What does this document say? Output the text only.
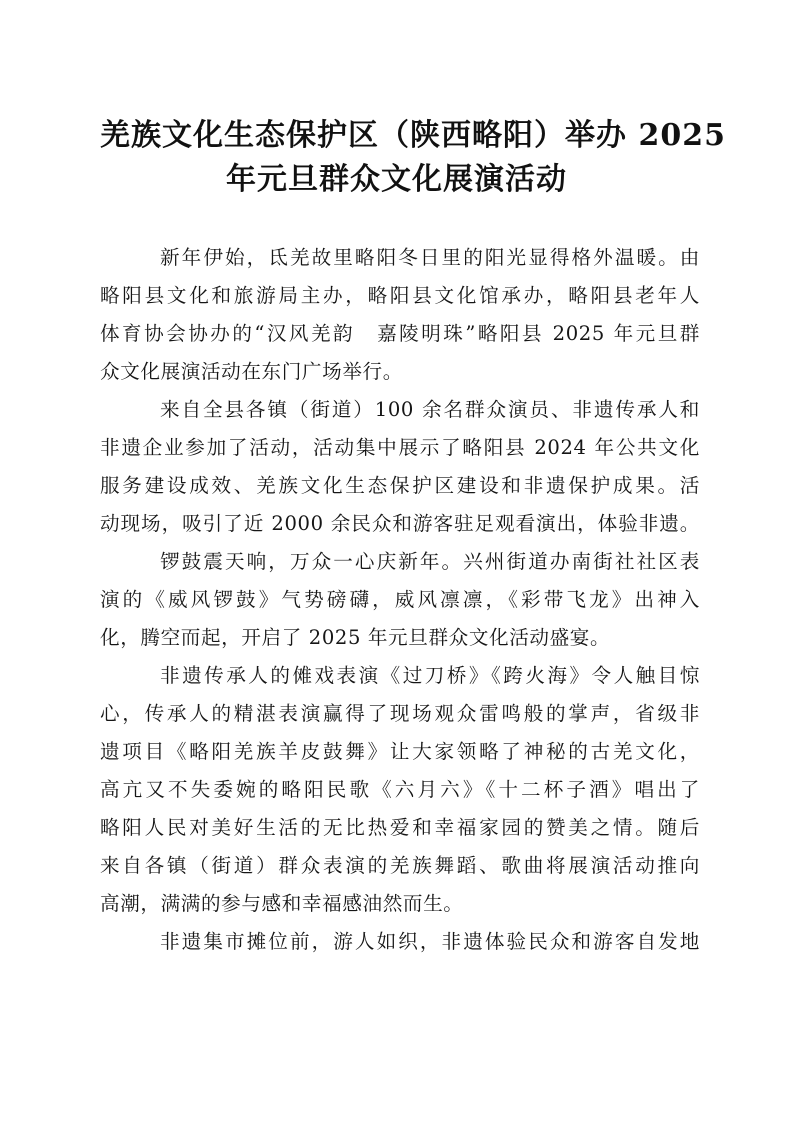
羌族文化生态保护区（陕西略阳）举办 2025
年元旦群众文化展演活动

新年伊始，氐羌故里略阳冬日里的阳光显得格外温暖。由
略阳县文化和旅游局主办，略阳县文化馆承办，略阳县老年人
体育协会协办的“汉风羌韵　嘉陵明珠”略阳县 2025 年元旦群
众文化展演活动在东门广场举行。

来自全县各镇（街道）100 余名群众演员、非遗传承人和
非遗企业参加了活动，活动集中展示了略阳县 2024 年公共文化
服务建设成效、羌族文化生态保护区建设和非遗保护成果。活
动现场，吸引了近 2000 余民众和游客驻足观看演出，体验非遗。

锣鼓震天响，万众一心庆新年。兴州街道办南街社社区表
演的《威风锣鼓》气势磅礴，威风凛凛，《彩带飞龙》出神入
化，腾空而起，开启了 2025 年元旦群众文化活动盛宴。

非遗传承人的傩戏表演《过刀桥》《跨火海》令人触目惊
心，传承人的精湛表演赢得了现场观众雷鸣般的掌声，省级非
遗项目《略阳羌族羊皮鼓舞》让大家领略了神秘的古羌文化，
高亢又不失委婉的略阳民歌《六月六》《十二杯子酒》唱出了
略阳人民对美好生活的无比热爱和幸福家园的赞美之情。随后
来自各镇（街道）群众表演的羌族舞蹈、歌曲将展演活动推向
高潮，满满的参与感和幸福感油然而生。

非遗集市摊位前，游人如织，非遗体验民众和游客自发地
